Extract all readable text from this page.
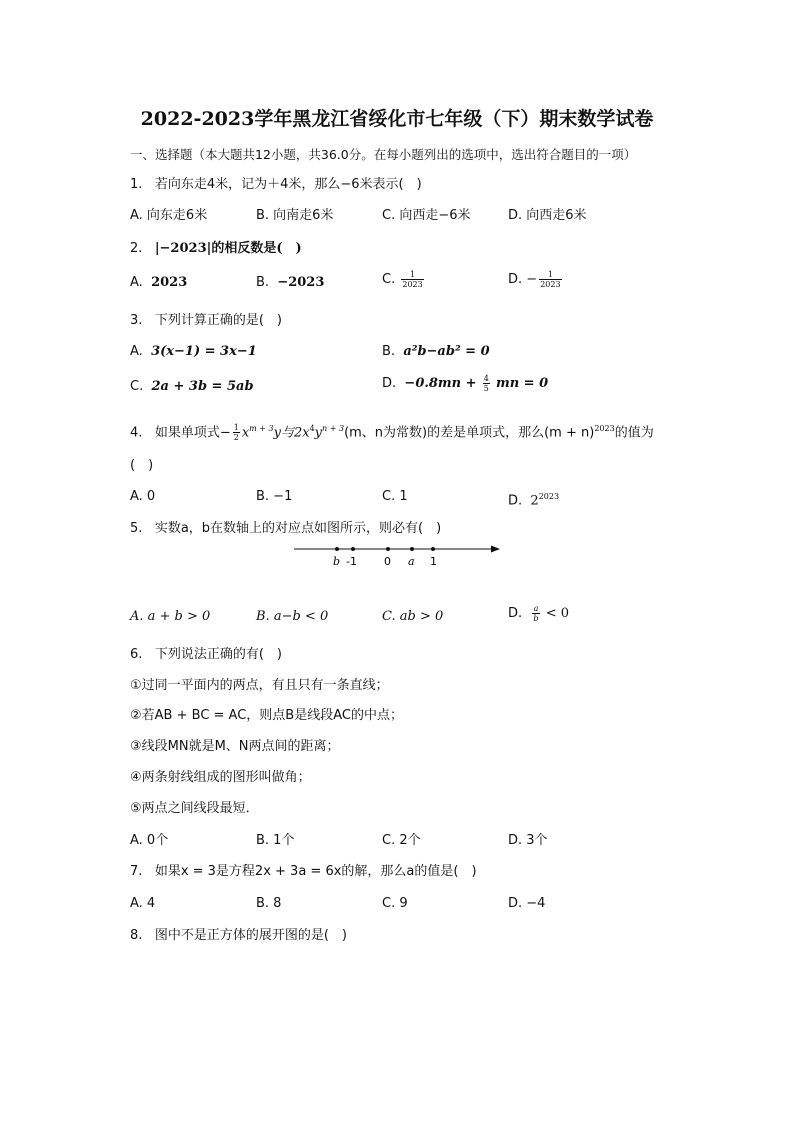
2022-2023学年黑龙江省绥化市七年级（下）期末数学试卷
一、选择题（本大题共12小题，共36.0分。在每小题列出的选项中，选出符合题目的一项）
1. 若向东走4米，记为＋4米，那么−6米表示(　)
A. 向东走6米	B. 向南走6米	C. 向西走−6米	D. 向西走6米
2. |−2023|的相反数是(　)
A. 2023	B. −2023	C. $\frac{1}{2023}$	D. − $\frac{1}{2023}$
3. 下列计算正确的是(　)
A. 3(x−1) = 3x−1	B. a²b−ab² = 0
C. 2a + 3b = 5ab	D. $-0.8mn + \frac{4}{5}$ mn = 0
4. 如果单项式− $\frac{1}{2} x^{m + 3}y$与$2x^4y^{n + 3}(m$、n为常数)的差是单项式，那么$(m + n)^{2023}$的值为
(　)
A. 0	B. −1	C. 1	D. $2^{2023}$
5. 实数a，b在数轴上的对应点如图所示，则必有(　)
b -1 0 a 1
A. a + b > 0	B. a−b < 0	C. ab > 0	D. $\frac{a}{b} < 0$
6. 下列说法正确的有(　)
①过同一平面内的两点，有且只有一条直线；
②若AB + BC = AC，则点B是线段AC的中点；
③线段MN就是M、N两点间的距离；
④两条射线组成的图形叫做角；
⑤两点之间线段最短．
A. 0个	B. 1个	C. 2个	D. 3个
7. 如果x = 3是方程2x + 3a = 6x的解，那么a的值是(　)
A. 4	B. 8	C. 9	D. −4
8. 图中不是正方体的展开图的是(　)
